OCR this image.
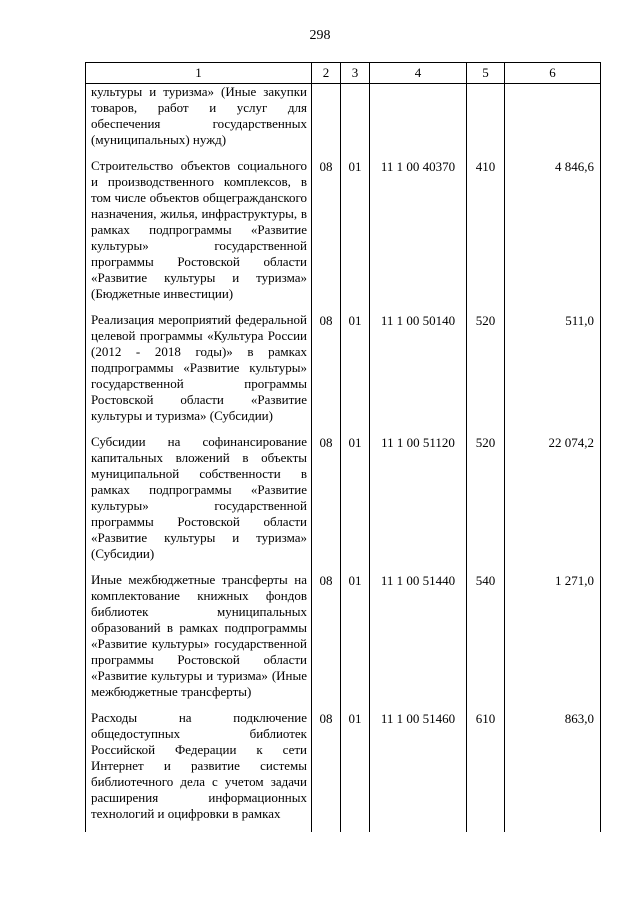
298
1	2	3	4	5	6
культуры и туризма» (Иные закупки товаров, работ и услуг для обеспечения государственных (муниципальных) нужд)					
Строительство объектов социального и производственного комплексов, в том числе объектов общегражданского назначения, жилья, инфраструктуры, в рамках подпрограммы «Развитие культуры» государственной программы Ростовской области «Развитие культуры и туризма» (Бюджетные инвестиции)	08	01	11 1 00 40370	410	4 846,6
Реализация мероприятий федеральной целевой программы «Культура России (2012 - 2018 годы)» в рамках подпрограммы «Развитие культуры» государственной программы Ростовской области «Развитие культуры и туризма» (Субсидии)	08	01	11 1 00 50140	520	511,0
Субсидии на софинансирование капитальных вложений в объекты муниципальной собственности в рамках подпрограммы «Развитие культуры» государственной программы Ростовской области «Развитие культуры и туризма» (Субсидии)	08	01	11 1 00 51120	520	22 074,2
Иные межбюджетные трансферты на комплектование книжных фондов библиотек муниципальных образований в рамках подпрограммы «Развитие культуры» государственной программы Ростовской области «Развитие культуры и туризма» (Иные межбюджетные трансферты)	08	01	11 1 00 51440	540	1 271,0
Расходы на подключение общедоступных библиотек Российской Федерации к сети Интернет и развитие системы библиотечного дела с учетом задачи расширения информационных технологий и оцифровки в рамках	08	01	11 1 00 51460	610	863,0
